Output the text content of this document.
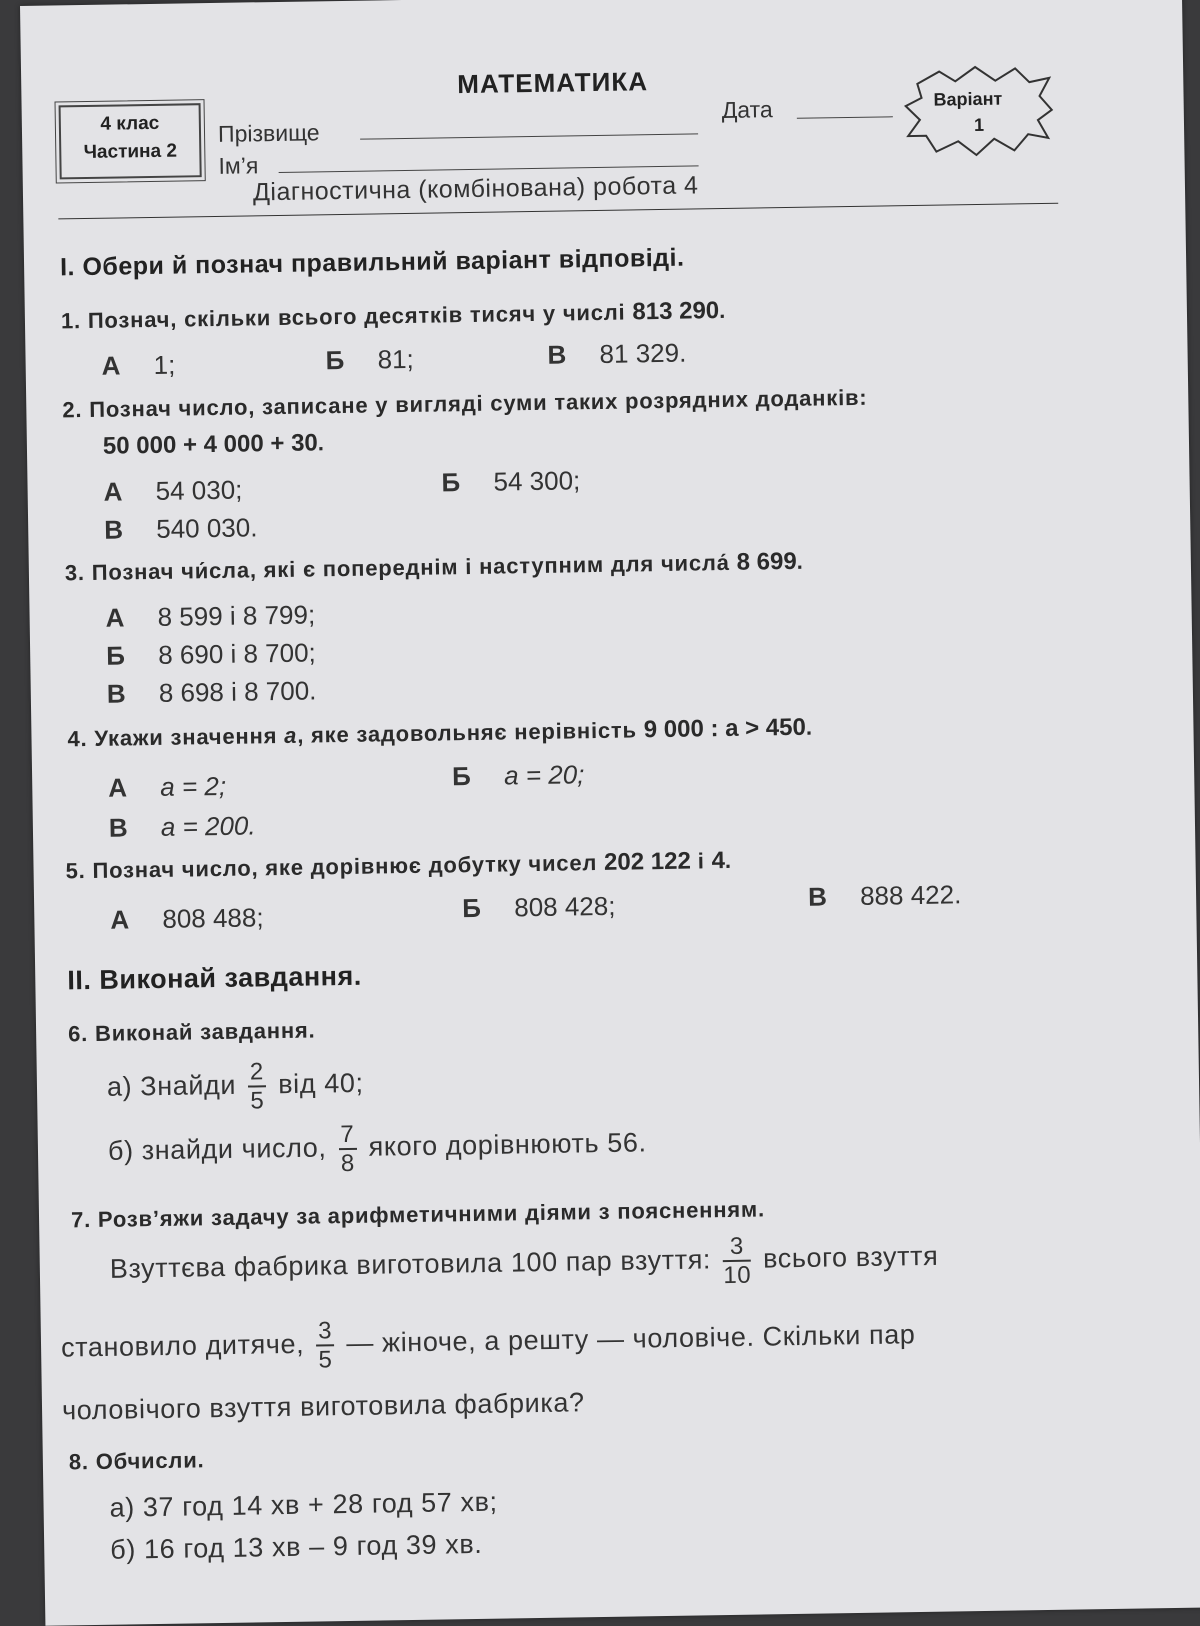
МАТЕМАТИКА
4 клас
Частина 2
Прізвище
Ім’я
Дата	Варіант
1
Діагностична (комбінована) робота 4
I. Обери й познач правильний варіант відповіді.
1. Познач, скільки всього десятків тисяч у числі 813 290.
А 1;	Б 81;	В 81 329.
2. Познач число, записане у вигляді суми таких розрядних доданків:
50 000 + 4 000 + 30.
А 54 030;	Б 54 300;
В 540 030.
3. Познач чи́сла, які є попереднім і наступним для числа́ 8 699.
А 8 599 і 8 799;
Б 8 690 і 8 700;
В 8 698 і 8 700.
4. Укажи значення a, яке задовольняє нерівність 9 000 : a > 450.
А a = 2;	Б a = 20;
В a = 200.
5. Познач число, яке дорівнює добутку чисел 202 122 і 4.
А 808 488;	Б 808 428;	В 888 422.
II. Виконай завдання.
6. Виконай завдання.
а) Знайди $\frac{2}{5}$ від 40;
б) знайди число, $\frac{7}{8}$ якого дорівнюють 56.
7. Розв’яжи задачу за арифметичними діями з поясненням.
Взуттєва фабрика виготовила 100 пар взуття: $\frac{3}{10}$ всього взуття
становило дитяче, $\frac{3}{5}$ — жіноче, а решту — чоловіче. Скільки пар
чоловічого взуття виготовила фабрика?
8. Обчисли.
а) 37 год 14 хв + 28 год 57 хв;
б) 16 год 13 хв – 9 год 39 хв.
